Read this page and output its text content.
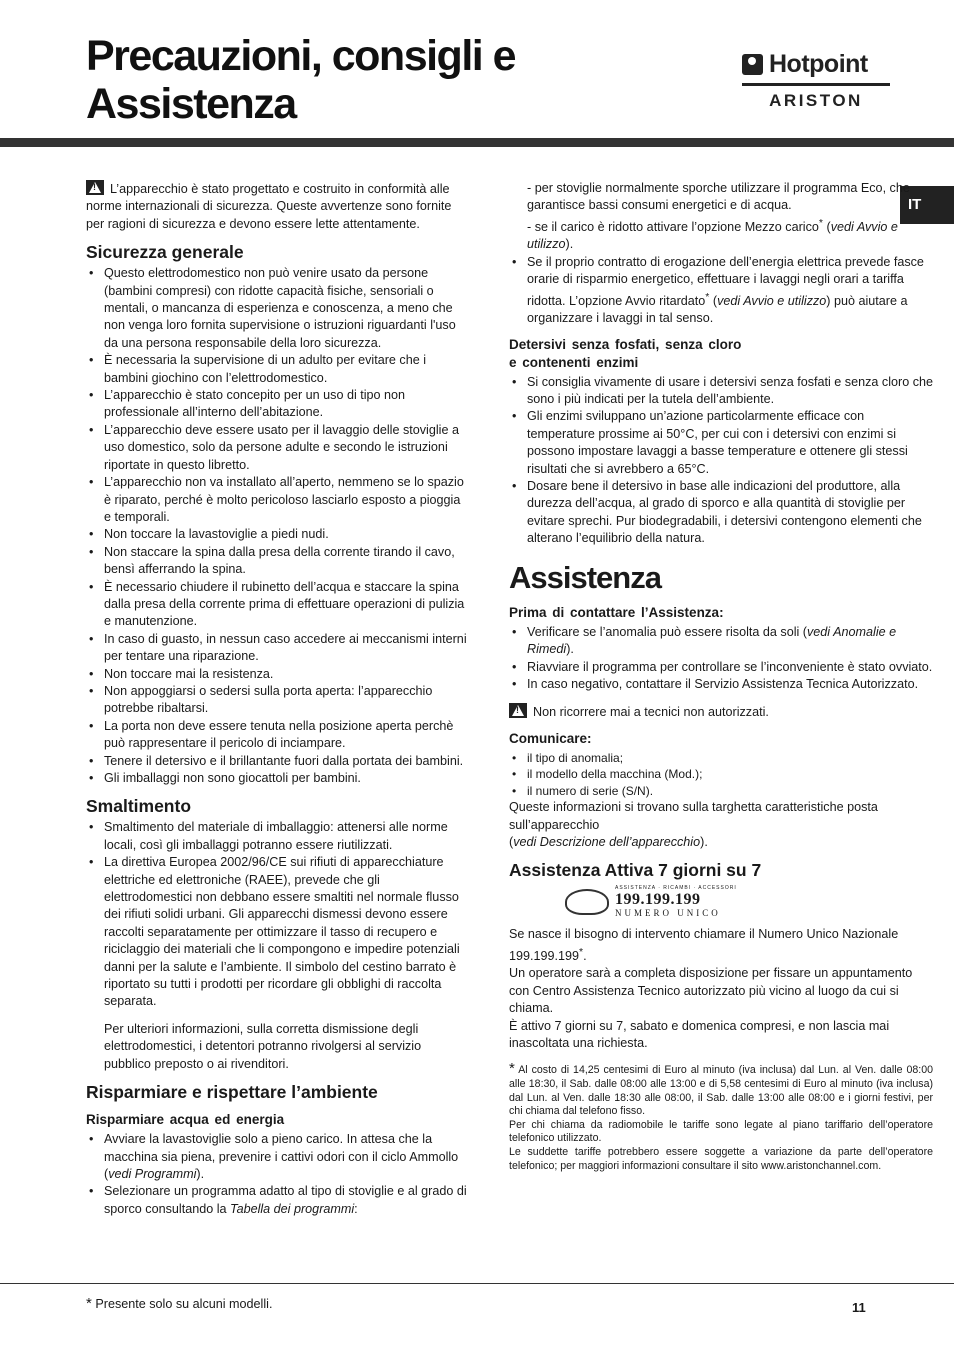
Precauzioni, consigli e
Assistenza
Hotpoint
ARISTON
IT

!L’apparecchio è stato progettato e costruito in conformità alle norme internazionali di sicurezza. Queste avvertenze sono fornite per ragioni di sicurezza e devono essere lette attentamente.

Sicurezza generale
• Questo elettrodomestico non può venire usato da persone (bambini compresi) con ridotte capacità fisiche, sensoriali o mentali, o mancanza di esperienza e conoscenza, a meno che non venga loro fornita supervisione o istruzioni riguardanti l'uso da una persona responsabile della loro sicurezza.
• È necessaria la supervisione di un adulto per evitare che i bambini giochino con l’elettrodomestico.
• L’apparecchio è stato concepito per un uso di tipo non professionale all’interno dell’abitazione.
• L’apparecchio deve essere usato per il lavaggio delle stoviglie a uso domestico, solo da persone adulte e secondo le istruzioni riportate in questo libretto.
• L’apparecchio non va installato all’aperto, nemmeno se lo spazio è riparato, perché è molto pericoloso lasciarlo esposto a pioggia e temporali.
• Non toccare la lavastoviglie a piedi nudi.
• Non staccare la spina dalla presa della corrente tirando il cavo, bensì afferrando la spina.
• È necessario chiudere il rubinetto dell’acqua e staccare la spina dalla presa della corrente prima di effettuare operazioni di pulizia e manutenzione.
• In caso di guasto, in nessun caso accedere ai meccanismi interni per tentare una riparazione.
• Non toccare mai la resistenza.
• Non appoggiarsi o sedersi sulla porta aperta: l’apparecchio potrebbe ribaltarsi.
• La porta non deve essere tenuta nella posizione aperta perchè può rappresentare il pericolo di inciampare.
• Tenere il detersivo e il brillantante fuori dalla portata dei bambini.
• Gli imballaggi non sono giocattoli per bambini.
Smaltimento
• Smaltimento del materiale di imballaggio: attenersi alle norme locali, così gli imballaggi potranno essere riutilizzati.
• La direttiva Europea 2002/96/CE sui rifiuti di apparecchiature elettriche ed elettroniche (RAEE), prevede che gli elettrodomestici non debbano essere smaltiti nel normale flusso dei rifiuti solidi urbani. Gli apparecchi dismessi devono essere raccolti separatamente per ottimizzare il tasso di recupero e riciclaggio dei materiali che li compongono e impedire potenziali danni per la salute e l’ambiente. Il simbolo del cestino barrato è riportato su tutti i prodotti per ricordare gli obblighi di raccolta separata.

Per ulteriori informazioni, sulla corretta dismissione degli elettrodomestici, i detentori potranno rivolgersi al servizio pubblico preposto o ai rivenditori.

Risparmiare e rispettare l’ambiente
Risparmiare acqua ed energia
• Avviare la lavastoviglie solo a pieno carico. In attesa che la macchina sia piena, prevenire i cattivi odori con il ciclo Ammollo (vedi Programmi).
• Selezionare un programma adatto al tipo di stoviglie e al grado di sporco consultando la Tabella dei programmi:

- per stoviglie normalmente sporche utilizzare il programma Eco, che garantisce bassi consumi energetici e di acqua.

- se il carico è ridotto attivare l’opzione Mezzo carico* (vedi Avvio e utilizzo).

• Se il proprio contratto di erogazione dell’energia elettrica prevede fasce orarie di risparmio energetico, effettuare i lavaggi negli orari a tariffa ridotta. L’opzione Avvio ritardato* (vedi Avvio e utilizzo) può aiutare a organizzare i lavaggi in tal senso.
Detersivi senza fosfati, senza cloro
e contenenti enzimi
• Si consiglia vivamente di usare i detersivi senza fosfati e senza cloro che sono i più indicati per la tutela dell’ambiente.
• Gli enzimi sviluppano un’azione particolarmente efficace con temperature prossime ai 50°C, per cui con i detersivi con enzimi si possono impostare lavaggi a basse temperature e ottenere gli stessi risultati che si avrebbero a 65°C.
• Dosare bene il detersivo in base alle indicazioni del produttore, alla durezza dell’acqua, al grado di sporco e alla quantità di stoviglie per evitare sprechi. Pur biodegradabili, i detersivi contengono elementi che alterano l’equilibrio della natura.
Assistenza
Prima di contattare l’Assistenza:
• Verificare se l’anomalia può essere risolta da soli (vedi Anomalie e Rimedi).
• Riavviare il programma per controllare se l’inconveniente è stato ovviato.
• In caso negativo, contattare il Servizio Assistenza Tecnica Autorizzato.

!Non ricorrere mai a tecnici non autorizzati.

Comunicare:
• il tipo di anomalia;
• il modello della macchina (Mod.);
• il numero di serie (S/N).

Queste informazioni si trovano sulla targhetta caratteristiche posta sull’apparecchio

(vedi Descrizione dell’apparecchio).

Assistenza Attiva 7 giorni su 7
ASSISTENZA · RICAMBI · ACCESSORI
199.199.199
NUMERO UNICO

Se nasce il bisogno di intervento chiamare il Numero Unico Nazionale 199.199.199*.

Un operatore sarà a completa disposizione per fissare un appuntamento con Centro Assistenza Tecnico autorizzato più vicino al luogo da cui si chiama.

È attivo 7 giorni su 7, sabato e domenica compresi, e non lascia mai inascoltata una richiesta.

* Al costo di 14,25 centesimi di Euro al minuto (iva inclusa) dal Lun. al Ven. dalle 08:00 alle 18:30, il Sab. dalle 08:00 alle 13:00 e di 5,58 centesimi di Euro al minuto (iva inclusa) dal Lun. al Ven. dalle 18:30 alle 08:00, il Sab. dalle 13:00 alle 08:00 e i giorni festivi, per chi chiama dal telefono fisso.

Per chi chiama da radiomobile le tariffe sono legate al piano tariffario dell’operatore telefonico utilizzato.

Le suddette tariffe potrebbero essere soggette a variazione da parte dell’operatore telefonico; per maggiori informazioni consultare il sito www.aristonchannel.com.

* Presente solo su alcuni modelli.	11
